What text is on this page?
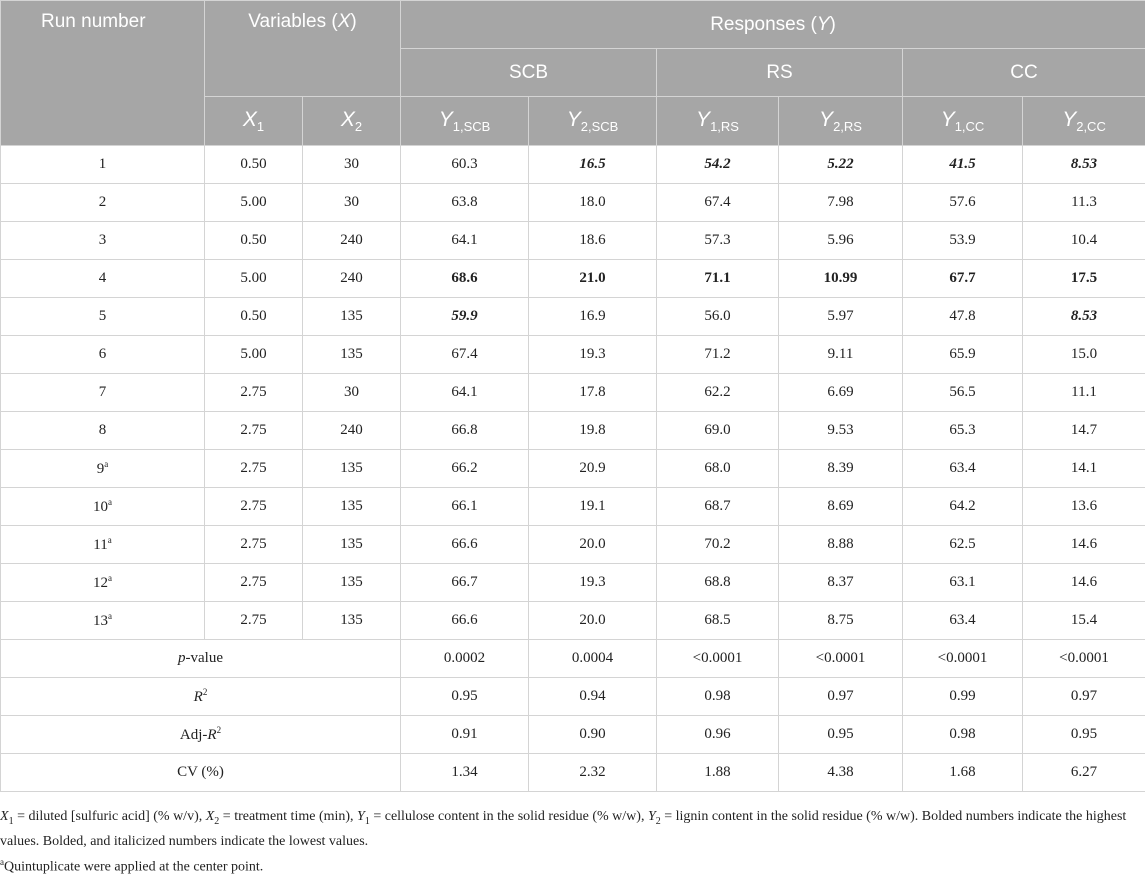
Run number	Variables (X)		Responses (Y)					
			SCB		RS		CC	
	$X_1$	$X_2$	$Y_{1,SCB}$	$Y_{2,SCB}$	$Y_{1,RS}$	$Y_{2,RS}$	$Y_{1,CC}$	$Y_{2,CC}$
1	0.50	30	60.3	16.5	54.2	5.22	41.5	8.53
2	5.00	30	63.8	18.0	67.4	7.98	57.6	11.3
3	0.50	240	64.1	18.6	57.3	5.96	53.9	10.4
4	5.00	240	68.6	21.0	71.1	10.99	67.7	17.5
5	0.50	135	59.9	16.9	56.0	5.97	47.8	8.53
6	5.00	135	67.4	19.3	71.2	9.11	65.9	15.0
7	2.75	30	64.1	17.8	62.2	6.69	56.5	11.1
8	2.75	240	66.8	19.8	69.0	9.53	65.3	14.7
9$^a$	2.75	135	66.2	20.9	68.0	8.39	63.4	14.1
10$^a$	2.75	135	66.1	19.1	68.7	8.69	64.2	13.6
11$^a$	2.75	135	66.6	20.0	70.2	8.88	62.5	14.6
12$^a$	2.75	135	66.7	19.3	68.8	8.37	63.1	14.6
13$^a$	2.75	135	66.6	20.0	68.5	8.75	63.4	15.4
p-value			0.0002	0.0004	<0.0001	<0.0001	<0.0001	<0.0001
$R^2$			0.95	0.94	0.98	0.97	0.99	0.97
Adj-$R^2$			0.91	0.90	0.96	0.95	0.98	0.95
CV (%)			1.34	2.32	1.88	4.38	1.68	6.27

$X_1$ = diluted [sulfuric acid] (% w/v), $X_2$ = treatment time (min), $Y_1$ = cellulose content in the solid residue (% w/w), $Y_2$ = lignin content in the solid residue (% w/w). Bolded numbers indicate the highest values. Bolded, and italicized numbers indicate the lowest values.

$^a$Quintuplicate were applied at the center point.
